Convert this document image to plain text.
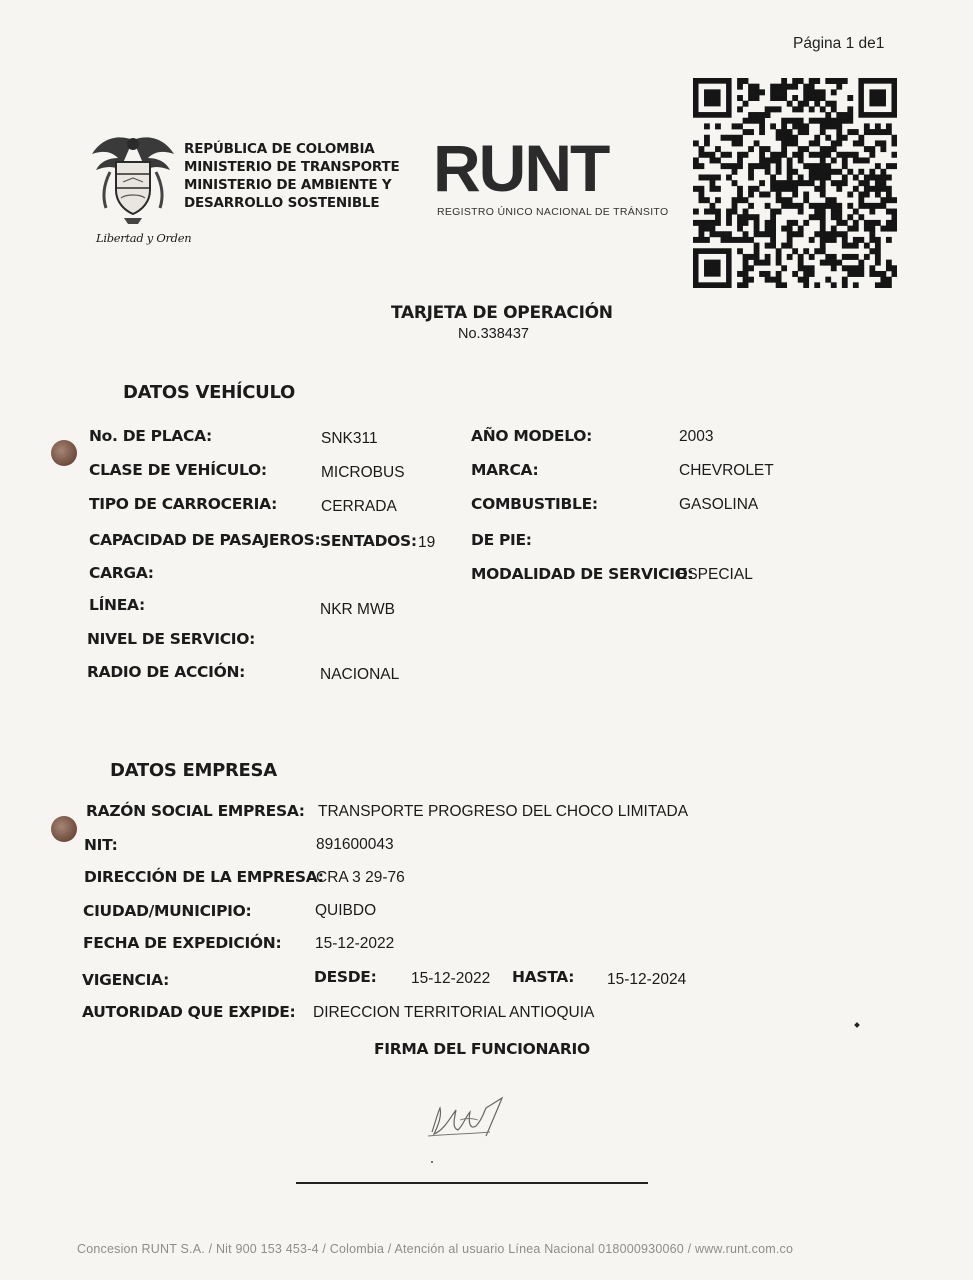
Página 1 de1
Libertad y Orden
REPÚBLICA DE COLOMBIA
MINISTERIO DE TRANSPORTE
MINISTERIO DE AMBIENTE Y
DESARROLLO SOSTENIBLE RUNT
REGISTRO ÚNICO NACIONAL DE TRÁNSITO
TARJETA DE OPERACIÓN
No.338437
DATOS VEHÍCULO
No. DE PLACA:	SNK311	AÑO MODELO:	2003
CLASE DE VEHÍCULO:	MICROBUS	MARCA:	CHEVROLET
TIPO DE CARROCERIA:	CERRADA	COMBUSTIBLE:	GASOLINA
CAPACIDAD DE PASAJEROS: SENTADOS: 19 DE PIE:
CARGA:	MODALIDAD DE SERVICIO:
ESPECIAL
LÍNEA:	NKR MWB
NIVEL DE SERVICIO:
RADIO DE ACCIÓN:	NACIONAL
DATOS EMPRESA
RAZÓN SOCIAL EMPRESA: TRANSPORTE PROGRESO DEL CHOCO LIMITADA
NIT:	891600043
DIRECCIÓN DE LA EMPRESA:
CRA 3 29-76
CIUDAD/MUNICIPIO:	QUIBDO
FECHA DE EXPEDICIÓN: 15-12-2022
VIGENCIA:	DESDE: 15-12-2022 HASTA: 15-12-2024
AUTORIDAD QUE EXPIDE: DIRECCION TERRITORIAL ANTIOQUIA
FIRMA DEL FUNCIONARIO
Concesion RUNT S.A. / Nit 900 153 453-4 / Colombia / Atención al usuario Línea Nacional 018000930060 / www.runt.com.co
